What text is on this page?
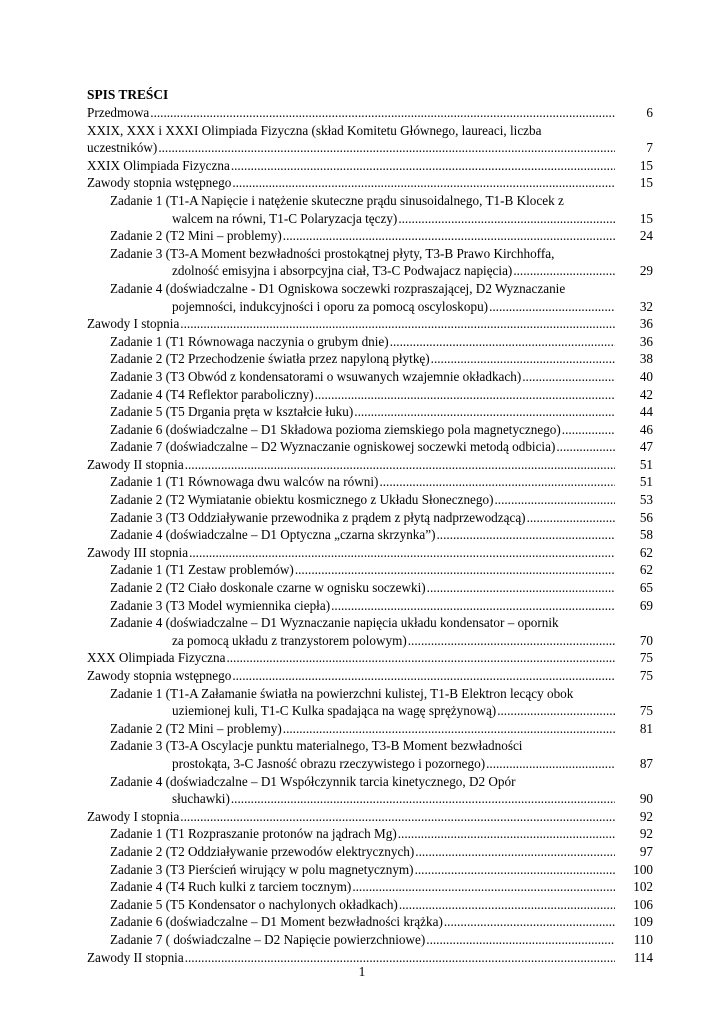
SPIS TREŚCI
Przedmowa .....	6
XXIX, XXX i XXXI Olimpiada Fizyczna (skład Komitetu Głównego, laureaci, liczba
uczestników) .....	7
XXIX Olimpiada Fizyczna .....	15
Zawody stopnia wstępnego .....	15
Zadanie 1 (T1-A Napięcie i natężenie skuteczne prądu sinusoidalnego, T1-B Klocek z
walcem na równi, T1-C Polaryzacja tęczy) .....	15
Zadanie 2 (T2 Mini – problemy) .....	24
Zadanie 3 (T3-A Moment bezwładności prostokątnej płyty, T3-B Prawo Kirchhoffa,
zdolność emisyjna i absorpcyjna ciał, T3-C Podwajacz napięcia) .....	29
Zadanie 4 (doświadczalne - D1 Ogniskowa soczewki rozpraszającej, D2 Wyznaczanie
pojemności, indukcyjności i oporu za pomocą oscyloskopu) .....	32
Zawody I stopnia .....	36
Zadanie 1 (T1 Równowaga naczynia o grubym dnie) .....	36
Zadanie 2 (T2 Przechodzenie światła przez napyloną płytkę) .....	38
Zadanie 3 (T3 Obwód z kondensatorami o wsuwanych wzajemnie okładkach) .....	40
Zadanie 4 (T4 Reflektor paraboliczny) .....	42
Zadanie 5 (T5 Drgania pręta w kształcie łuku) .....	44
Zadanie 6 (doświadczalne – D1 Składowa pozioma ziemskiego pola magnetycznego) .....	46
Zadanie 7 (doświadczalne – D2 Wyznaczanie ogniskowej soczewki metodą odbicia) .....	47
Zawody II stopnia .....	51
Zadanie 1 (T1 Równowaga dwu walców na równi) .....	51
Zadanie 2 (T2 Wymiatanie obiektu kosmicznego z Układu Słonecznego) .....	53
Zadanie 3 (T3 Oddziaływanie przewodnika z prądem z płytą nadprzewodzącą) .....	56
Zadanie 4 (doświadczalne – D1 Optyczna „czarna skrzynka”) .....	58
Zawody III stopnia .....	62
Zadanie 1 (T1 Zestaw problemów) .....	62
Zadanie 2 (T2 Ciało doskonale czarne w ognisku soczewki) .....	65
Zadanie 3 (T3 Model wymiennika ciepła) .....	69
Zadanie 4 (doświadczalne – D1 Wyznaczanie napięcia układu kondensator – opornik
za pomocą układu z tranzystorem polowym) .....	70
XXX Olimpiada Fizyczna .....	75
Zawody stopnia wstępnego .....	75
Zadanie 1 (T1-A Załamanie światła na powierzchni kulistej, T1-B Elektron lecący obok
uziemionej kuli, T1-C Kulka spadająca na wagę sprężynową) .....	75
Zadanie 2 (T2 Mini – problemy) .....	81
Zadanie 3 (T3-A Oscylacje punktu materialnego, T3-B Moment bezwładności
prostokąta, 3-C Jasność obrazu rzeczywistego i pozornego) .....	87
Zadanie 4 (doświadczalne – D1 Współczynnik tarcia kinetycznego, D2 Opór
słuchawki) .....	90
Zawody I stopnia .....	92
Zadanie 1 (T1 Rozpraszanie protonów na jądrach Mg) .....	92
Zadanie 2 (T2 Oddziaływanie przewodów elektrycznych) .....	97
Zadanie 3 (T3 Pierścień wirujący w polu magnetycznym) .....	100
Zadanie 4 (T4 Ruch kulki z tarciem tocznym) .....	102
Zadanie 5 (T5 Kondensator o nachylonych okładkach) .....	106
Zadanie 6 (doświadczalne – D1 Moment bezwładności krążka) .....	109
Zadanie 7 ( doświadczalne – D2 Napięcie powierzchniowe) .....	110
Zawody II stopnia .....	114
1
